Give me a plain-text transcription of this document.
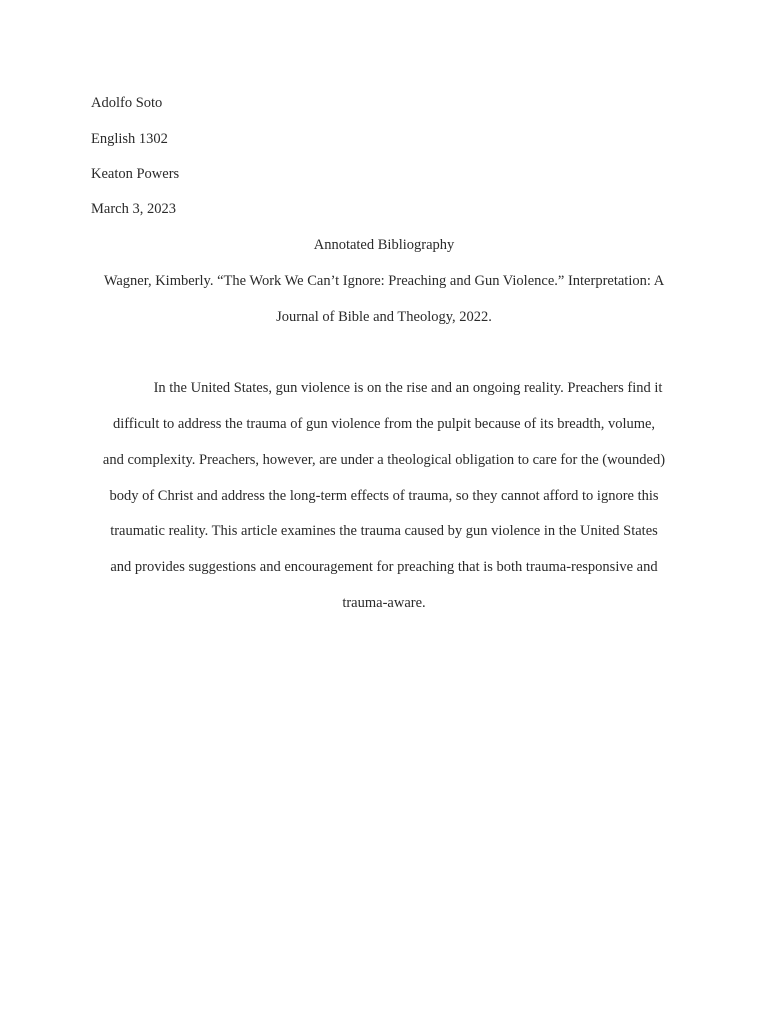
Adolfo Soto
English 1302
Keaton Powers
March 3, 2023
Annotated Bibliography
Wagner, Kimberly. “The Work We Can’t Ignore: Preaching and Gun Violence.” Interpretation: A
Journal of Bible and Theology, 2022.
In the United States, gun violence is on the rise and an ongoing reality. Preachers find it
difficult to address the trauma of gun violence from the pulpit because of its breadth, volume,
and complexity. Preachers, however, are under a theological obligation to care for the (wounded)
body of Christ and address the long-term effects of trauma, so they cannot afford to ignore this
traumatic reality. This article examines the trauma caused by gun violence in the United States
and provides suggestions and encouragement for preaching that is both trauma-responsive and
trauma-aware.
